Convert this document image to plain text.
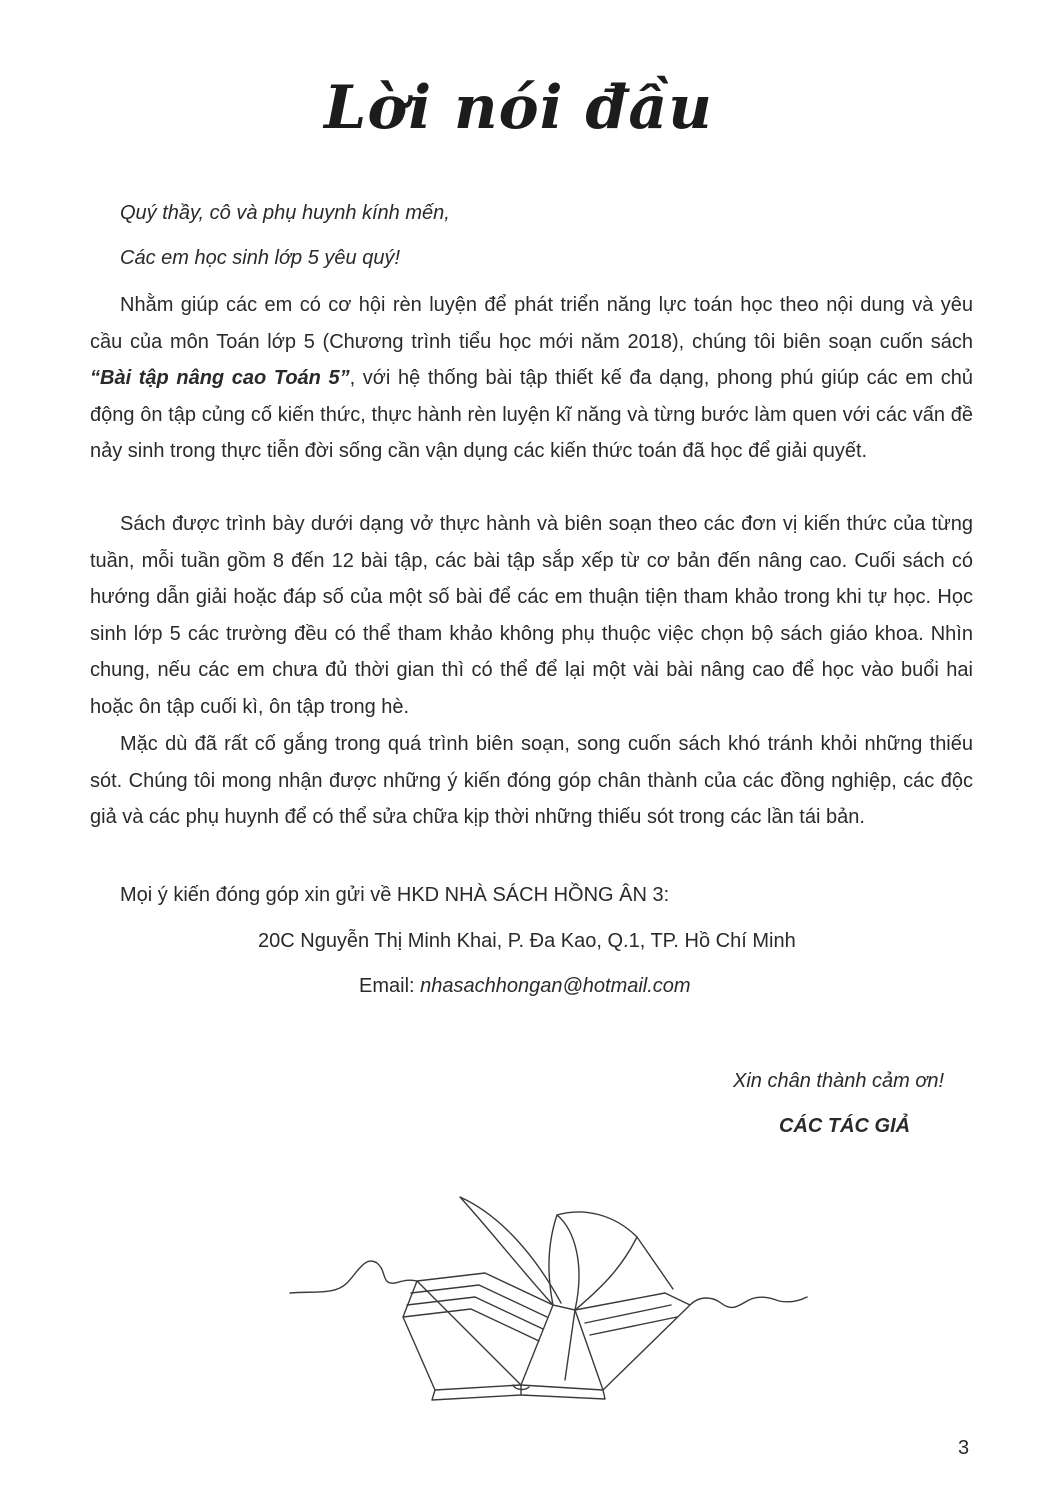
Lời nói đầu

Quý thầy, cô và phụ huynh kính mến,

Các em học sinh lớp 5 yêu quý!

Nhằm giúp các em có cơ hội rèn luyện để phát triển năng lực toán học theo nội dung và yêu cầu của môn Toán lớp 5 (Chương trình tiểu học mới năm 2018), chúng tôi biên soạn cuốn sách “Bài tập nâng cao Toán 5”, với hệ thống bài tập thiết kế đa dạng, phong phú giúp các em chủ động ôn tập củng cố kiến thức, thực hành rèn luyện kĩ năng và từng bước làm quen với các vấn đề nảy sinh trong thực tiễn đời sống cần vận dụng các kiến thức toán đã học để giải quyết.

Sách được trình bày dưới dạng vở thực hành và biên soạn theo các đơn vị kiến thức của từng tuần, mỗi tuần gồm 8 đến 12 bài tập, các bài tập sắp xếp từ cơ bản đến nâng cao. Cuối sách có hướng dẫn giải hoặc đáp số của một số bài để các em thuận tiện tham khảo trong khi tự học. Học sinh lớp 5 các trường đều có thể tham khảo không phụ thuộc việc chọn bộ sách giáo khoa. Nhìn chung, nếu các em chưa đủ thời gian thì có thể để lại một vài bài nâng cao để học vào buổi hai hoặc ôn tập cuối kì, ôn tập trong hè.

Mặc dù đã rất cố gắng trong quá trình biên soạn, song cuốn sách khó tránh khỏi những thiếu sót. Chúng tôi mong nhận được những ý kiến đóng góp chân thành của các đồng nghiệp, các độc giả và các phụ huynh để có thể sửa chữa kịp thời những thiếu sót trong các lần tái bản.

Mọi ý kiến đóng góp xin gửi về HKD NHÀ SÁCH HỒNG ÂN 3:

20C Nguyễn Thị Minh Khai, P. Đa Kao, Q.1, TP. Hồ Chí Minh

Email: nhasachhongan@hotmail.com

Xin chân thành cảm ơn!

CÁC TÁC GIẢ

3
